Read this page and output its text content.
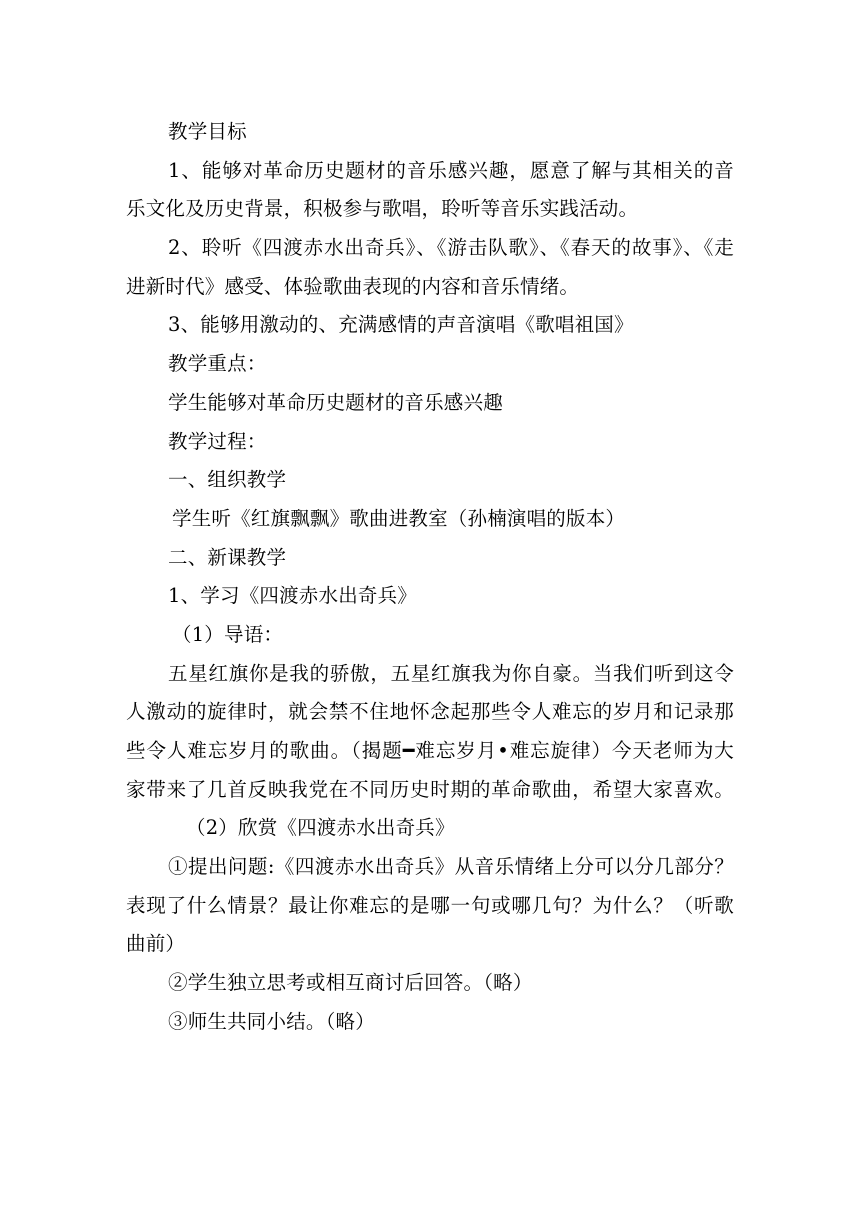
教学目标
1、能够对革命历史题材的音乐感兴趣，愿意了解与其相关的音
乐文化及历史背景，积极参与歌唱，聆听等音乐实践活动。
2、聆听《四渡赤水出奇兵》、《游击队歌》、《春天的故事》、《走
进新时代》感受、体验歌曲表现的内容和音乐情绪。
3、能够用激动的、充满感情的声音演唱《歌唱祖国》
教学重点：
学生能够对革命历史题材的音乐感兴趣
教学过程：
一、组织教学
学生听《红旗飘飘》歌曲进教室（孙楠演唱的版本）
二、新课教学
1、学习《四渡赤水出奇兵》
（1）导语：
五星红旗你是我的骄傲，五星红旗我为你自豪。当我们听到这令
人激动的旋律时，就会禁不住地怀念起那些令人难忘的岁月和记录那
些令人难忘岁月的歌曲。（揭题━难忘岁月•难忘旋律）今天老师为大
家带来了几首反映我党在不同历史时期的革命歌曲，希望大家喜欢。
（2）欣赏《四渡赤水出奇兵》
①提出问题:《四渡赤水出奇兵》从音乐情绪上分可以分几部分？
表现了什么情景？最让你难忘的是哪一句或哪几句？为什么？（听歌
曲前）
②学生独立思考或相互商讨后回答。（略）
③师生共同小结。（略）
